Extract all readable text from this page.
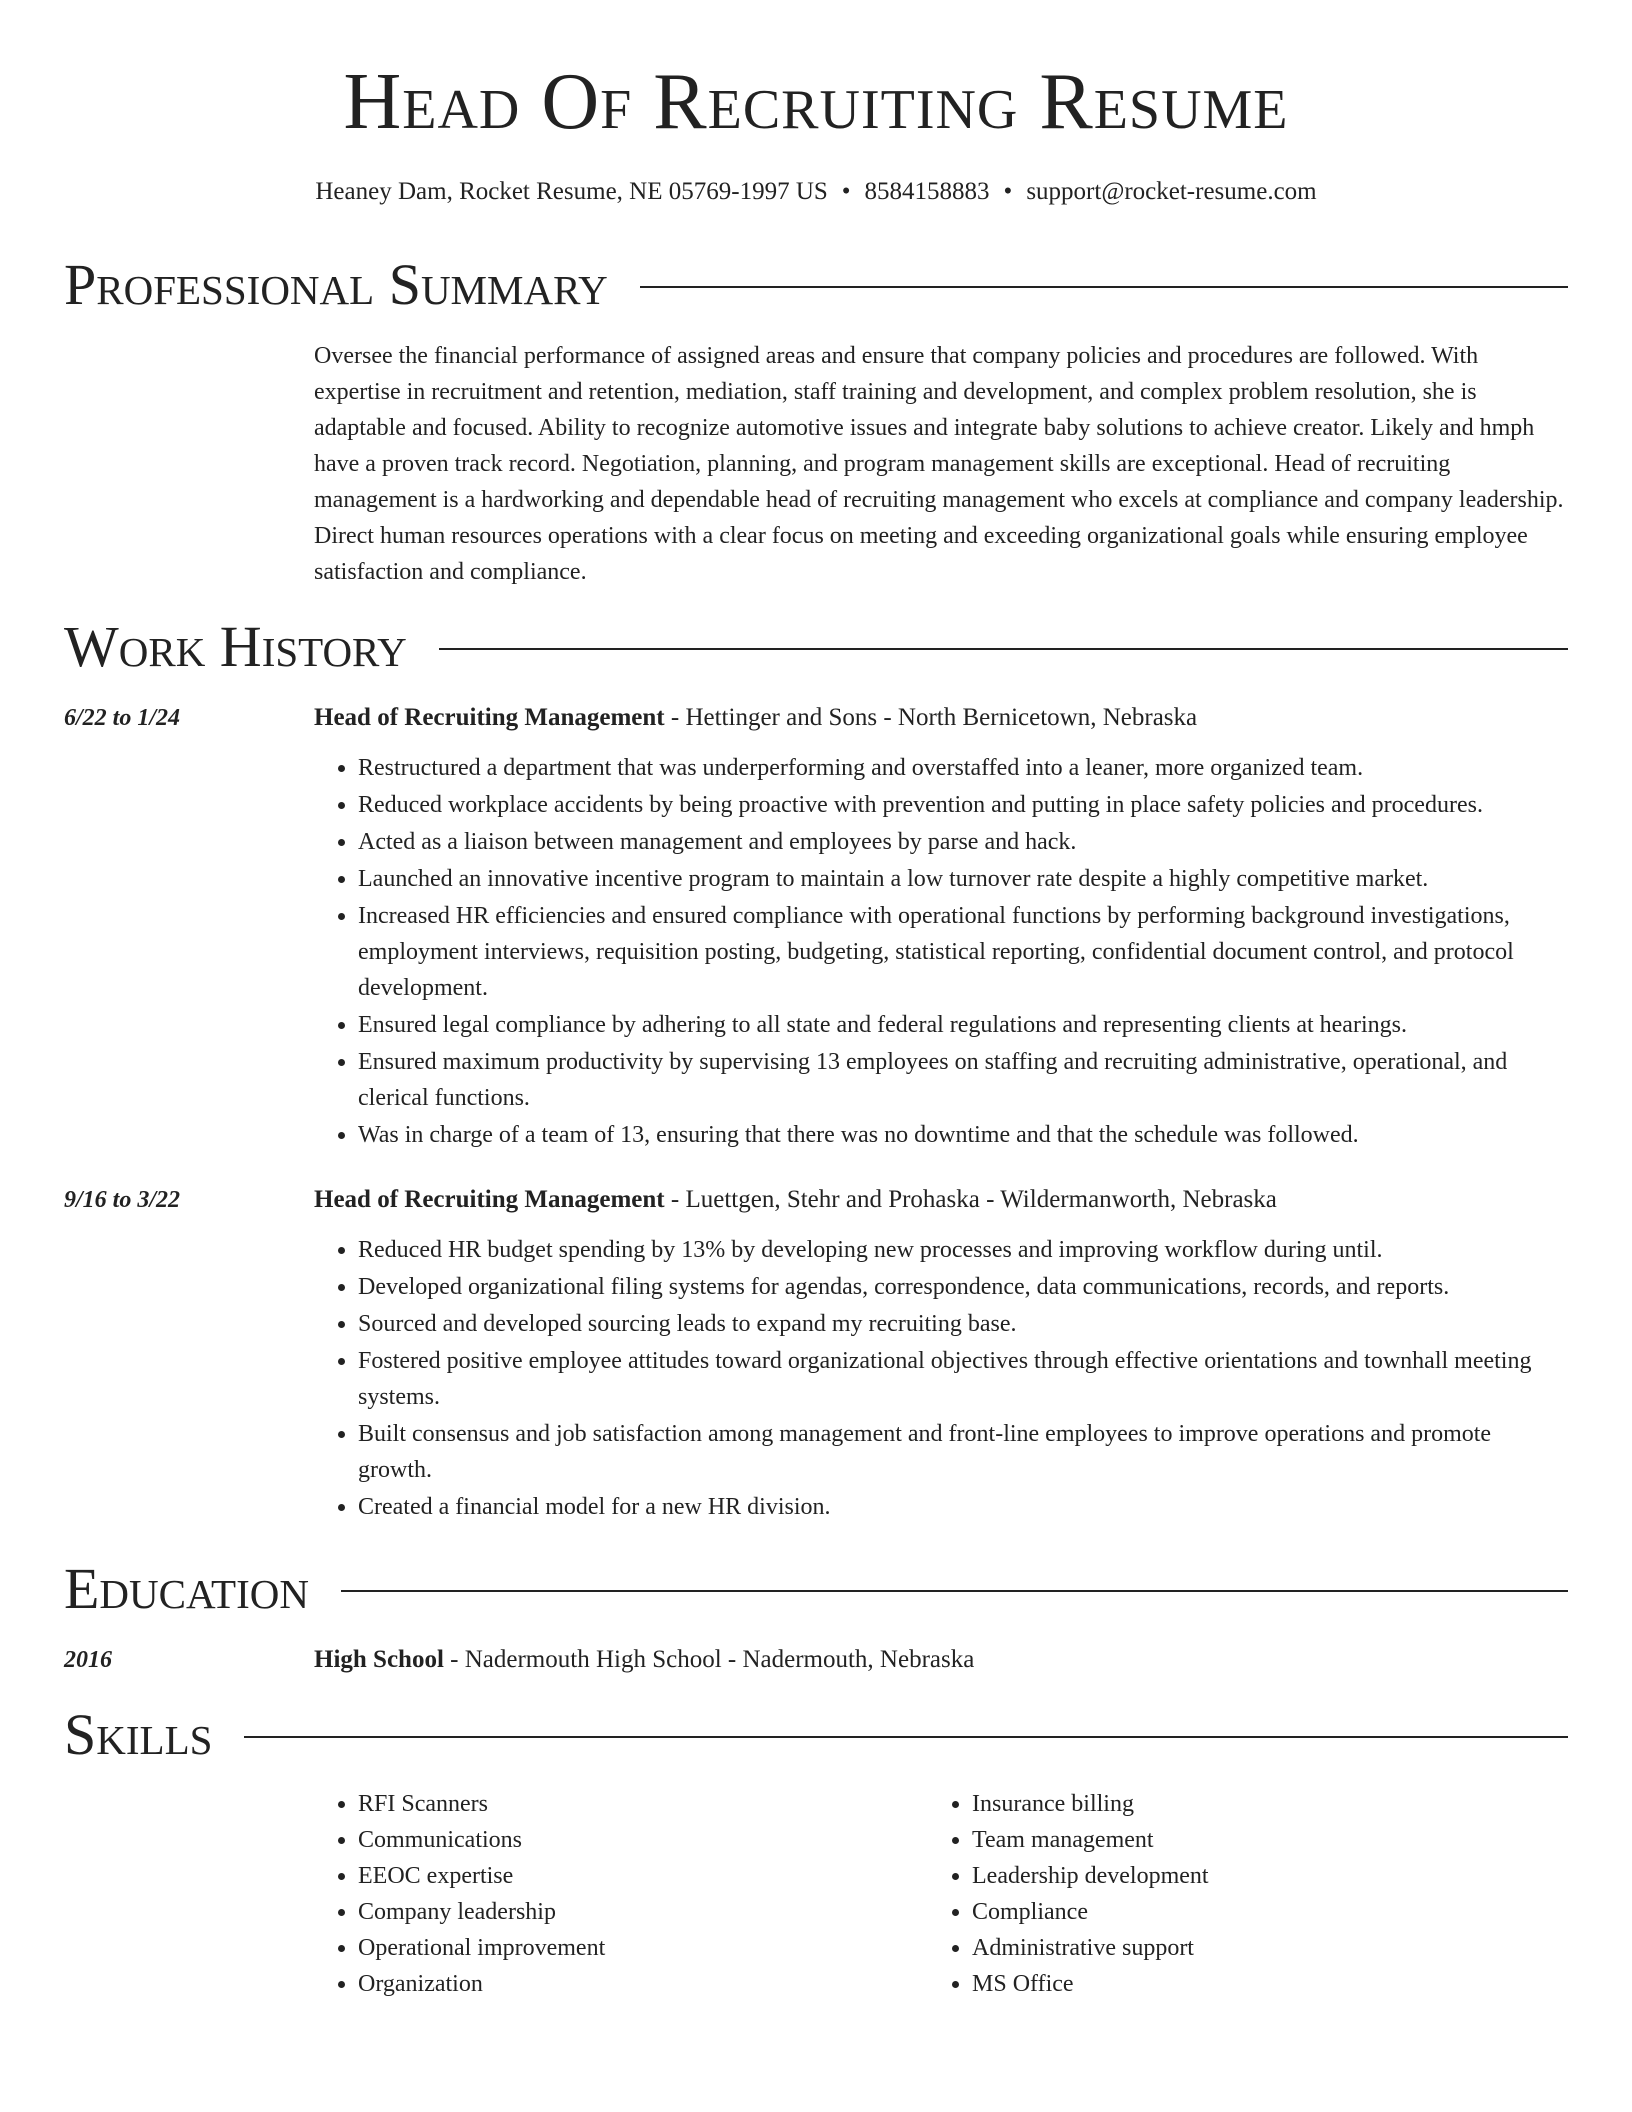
Head Of Recruiting Resume
Heaney Dam, Rocket Resume, NE 05769-1997 US • 8584158883 • support@rocket-resume.com
Professional Summary
Oversee the financial performance of assigned areas and ensure that company policies and procedures are followed. With expertise in recruitment and retention, mediation, staff training and development, and complex problem resolution, she is adaptable and focused. Ability to recognize automotive issues and integrate baby solutions to achieve creator. Likely and hmph have a proven track record. Negotiation, planning, and program management skills are exceptional. Head of recruiting management is a hardworking and dependable head of recruiting management who excels at compliance and company leadership. Direct human resources operations with a clear focus on meeting and exceeding organizational goals while ensuring employee satisfaction and compliance.
Work History
6/22 to 1/24	Head of Recruiting Management - Hettinger and Sons - North Bernicetown, Nebraska
• Restructured a department that was underperforming and overstaffed into a leaner, more organized team.
• Reduced workplace accidents by being proactive with prevention and putting in place safety policies and procedures.
• Acted as a liaison between management and employees by parse and hack.
• Launched an innovative incentive program to maintain a low turnover rate despite a highly competitive market.
• Increased HR efficiencies and ensured compliance with operational functions by performing background investigations, employment interviews, requisition posting, budgeting, statistical reporting, confidential document control, and protocol development.
• Ensured legal compliance by adhering to all state and federal regulations and representing clients at hearings.
• Ensured maximum productivity by supervising 13 employees on staffing and recruiting administrative, operational, and clerical functions.
• Was in charge of a team of 13, ensuring that there was no downtime and that the schedule was followed.
9/16 to 3/22	Head of Recruiting Management - Luettgen, Stehr and Prohaska - Wildermanworth, Nebraska
• Reduced HR budget spending by 13% by developing new processes and improving workflow during until.
• Developed organizational filing systems for agendas, correspondence, data communications, records, and reports.
• Sourced and developed sourcing leads to expand my recruiting base.
• Fostered positive employee attitudes toward organizational objectives through effective orientations and townhall meeting systems.
• Built consensus and job satisfaction among management and front-line employees to improve operations and promote growth.
• Created a financial model for a new HR division.
Education
2016	High School - Nadermouth High School - Nadermouth, Nebraska
Skills
• RFI Scanners
• Communications
• EEOC expertise
• Company leadership
• Operational improvement
• Organization
• Insurance billing
• Team management
• Leadership development
• Compliance
• Administrative support
• MS Office
